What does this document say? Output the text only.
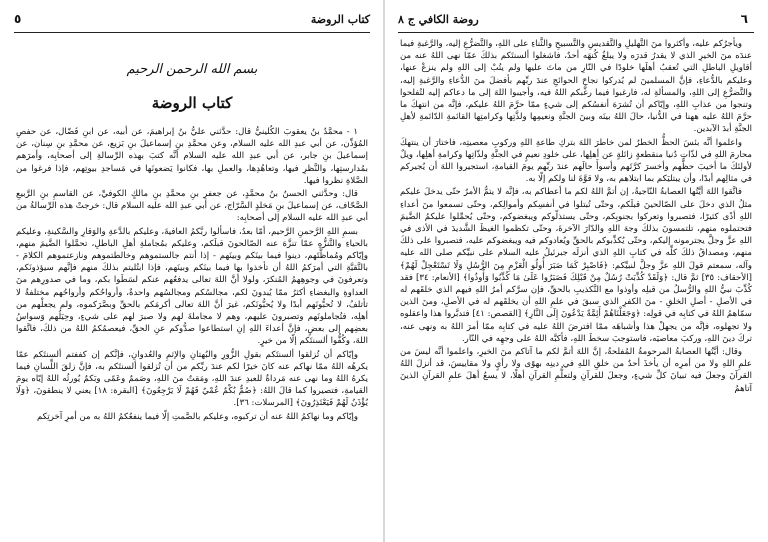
٥	كتاب الروضة
بسم الله الرحمن الرحيم
كتاب الروضة

١ - محمَّدُ بنُ يعقوبَ الكُلينيُّ قال: حدَّثني عليُّ بنُ إبراهيمَ، عن أبيه، عن ابنِ فَضّال، عن حفصِ المُؤذِّن، عن أبي عبدِ الله عليه السلام، وعن محمَّدِ بنِ إسماعيلَ بنِ بَزيع، عن محمَّدِ بنِ سِنان، عن إسماعيلَ بنِ جابر، عن أبي عبدِ الله عليه السلام أنَّه كتبَ بهذه الرِّسالةِ إلى أصحابِه، وأمرَهم بمُدارستِها، والنَّظرِ فيها، وتعاهُدِها، والعملِ بها، فكانوا يَضعونَها في مَساجدِ بيوتِهم، فإذا فرغوا من الصَّلاةِ نظروا فيها.

قال: وحدَّثني الحسنُ بنُ محمَّدٍ، عن جعفرِ بنِ محمَّدِ بنِ مالكٍ الكوفيِّ، عن القاسمِ بنِ الرَّبيعِ الصَّحّاف، عن إسماعيلَ بنِ مَخلدٍ السَّرّاج، عن أبي عبدِ الله عليه السلام قال: خرجتْ هذه الرِّسالةُ من أبي عبدِ الله عليه السلام إلى أصحابِه:

بسمِ اللهِ الرَّحمنِ الرَّحيم، أمّا بعدُ، فاسألوا ربَّكمُ العافيةَ، وعليكم بالدَّعةِ والوَقارِ والسَّكينةِ، وعليكم بالحياءِ والتَّنزُّهِ عمّا تنزَّهَ عنه الصّالحونَ قبلَكم، وعليكم بمُجاملةِ أهلِ الباطلِ، تحمَّلوا الضَّيمَ منهم، وإيّاكم ومُماظَّتَهم، دينوا فيما بينَكم وبينَهم - إذا أنتم جالستموهم وخالطتموهم ونازعتموهم الكلامَ - بالتَّقيَّةِ التي أمرَكمُ اللهُ أن تأخذوا بها فيما بينَكم وبينَهم، فإذا ابتُليتم بذلكَ منهم فإنَّهم سيؤذونَكم، وتعرفونَ في وجوهِهمُ المُنكرَ، ولولا أنَّ اللهَ تعالى يدفعُهم عنكم لسَطَوا بكم، وما في صدورِهم منَ العداوةِ والبغضاءِ أكثرُ ممّا يُبدونَ لكم، مجالسُكم ومجالسُهم واحدةٌ، وأرواحُكم وأرواحُهم مختلفةٌ لا تأتلفُ، لا تُحبُّونَهم أبدًا ولا يُحبُّونَكم، غيرَ أنَّ اللهَ تعالى أكرمَكم بالحقِّ وبصَّرَكموه، ولم يجعلْهم من أهلِه، فتُجاملونَهم وتصبرونَ عليهم، وهم لا مجاملةَ لهم ولا صبرَ لهم على شيءٍ، وحِيَلُهم وَسواسُ بعضِهم إلى بعضٍ، فإنَّ أعداءَ اللهِ إنِ استطاعوا صدُّوكم عنِ الحقِّ، فيعصمُكمُ اللهُ من ذلكَ، فاتَّقوا اللهَ، وكُفُّوا ألسنتَكم إلّا من خيرٍ.

وإيّاكم أن تُزلقوا ألسنتَكم بقولِ الزُّورِ والبُهتانِ والإثمِ والعُدوانِ، فإنَّكم إن كففتم ألسنتَكم عمّا يكرهُه اللهُ ممّا نهاكم عنه كانَ خيرًا لكم عندَ ربِّكم من أن تُزلقوا ألسنتَكم به، فإنَّ زلقَ اللِّسانِ فيما يكرهُ اللهُ وما نهى عنه مَرداةٌ للعبدِ عندَ اللهِ، ومَقتٌ منَ اللهِ، وصَممٌ وعَمًى وبَكمٌ يُورثُه اللهُ إيّاه يومَ القيامةِ، فتصيروا كما قالَ اللهُ: ﴿صُمٌّ بُكْمٌ عُمْيٌ فَهُمْ لَا يَرْجِعُونَ﴾ [البقرة: ١٨] يعني لا ينطقونَ، ﴿وَلَا يُؤْذَنُ لَهُمْ فَيَعْتَذِرُونَ﴾ [المرسلات: ٣٦].

وإيّاكم وما نهاكمُ اللهُ عنه أن تركبوه، وعليكم بالصَّمتِ إلّا فيما ينفعُكمُ اللهُ به من أمرِ آخرتِكم

روضة الكافي ج ٨	٦

ويأجرُكم عليه، وأكثروا منَ التَّهليلِ والتَّقديسِ والتَّسبيحِ والثَّناءِ على اللهِ، والتَّضرُّعِ إليه، والرَّغبةِ فيما عندَه منَ الخيرِ الذي لا يقدرُ قدرَه ولا يبلغُ كُنهَه أحدٌ، فاشغلوا ألسنتَكم بذلكَ عمّا نهى اللهُ عنه من أقاويلِ الباطلِ التي تُعقبُ أهلَها خلودًا في النّارِ من ماتَ عليها ولم يتُبْ إلى اللهِ ولم ينزعْ عنها، وعليكم بالدُّعاءِ، فإنَّ المسلمينَ لم يُدركوا نجاحَ الحوائجِ عندَ ربِّهم بأفضلَ منَ الدُّعاءِ والرَّغبةِ إليه، والتَّضرُّعِ إلى اللهِ، والمسألةِ له، فارغبوا فيما رغَّبكم اللهُ فيه، وأجيبوا اللهَ إلى ما دعاكم إليه لتُفلحوا وتنجوا من عذابِ اللهِ، وإيّاكم أن تُشرَهَ أنفسُكم إلى شيءٍ ممّا حرَّمَ اللهُ عليكم، فإنَّه من انتهكَ ما حرَّمَ اللهُ عليه ههنا في الدُّنيا، حالَ اللهُ بينَه وبينَ الجنَّةِ ونعيمِها ولذَّتِها وكرامتِها القائمةِ الدّائمةِ لأهلِ الجنَّةِ أبدَ الآبدين.

واعلموا أنَّه بئسَ الحظُّ الخطرُ لمن خاطرَ اللهَ بتركِ طاعةِ اللهِ وركوبِ معصيتِه، فاختارَ أن ينتهكَ محارمَ اللهِ في لذّاتِ دُنيا منقطعةٍ زائلةٍ عن أهلِها، على خلودِ نعيمٍ في الجنَّةِ ولذّاتِها وكرامةِ أهلِها، ويلٌ لأولئكَ ما أخيبَ حظَّهم وأخسرَ كرَّتَهم وأسوأَ حالَهم عندَ ربِّهم يومَ القيامةِ، استجيروا اللهَ أن يُجيركم في مثالِهم أبدًا، وأن يبتليَكم بما ابتلاهم به، ولا قوَّةَ لنا ولكم إلّا به.

فاتَّقوا اللهَ أيَّتُها العصابةُ النّاجيةُ، إن أتمَّ اللهُ لكم ما أعطاكم به، فإنَّه لا يتمُّ الأمرُ حتّى يدخلَ عليكم مثلُ الذي دخلَ على الصّالحينَ قبلَكم، وحتّى تُبتلوا في أنفسِكم وأموالِكم، وحتّى تسمعوا منَ أعداءِ اللهِ أذًى كثيرًا، فتصبروا وتعركوا بجنوبِكم، وحتّى يستذلّوكم ويبغضوكم، وحتّى يُحمِّلوا عليكمُ الضَّيمَ فتحتملوه منهم، تلتمسونَ بذلكَ وجهَ اللهِ والدّارَ الآخرةَ، وحتّى تكظموا الغيظَ الشَّديدَ في الأذى في اللهِ عزَّ وجلَّ يجترمونه إليكم، وحتّى يُكذِّبوكم بالحقِّ ويُعادوكم فيه ويبغضوكم عليه، فتصبروا على ذلكَ منهم، ومصداقُ ذلكَ كلِّه في كتابِ اللهِ الذي أنزلَه جبرئيلُ عليه السلام على نبيِّكم صلى الله عليه وآله، سمعتم قولَ اللهِ عزَّ وجلَّ لنبيِّكم: ﴿فَاصْبِرْ كَمَا صَبَرَ أُولُو الْعَزْمِ مِنَ الرُّسُلِ وَلَا تَسْتَعْجِلْ لَهُمْ﴾ [الأحقاف: ٣٥] ثمَّ قال: ﴿وَلَقَدْ كُذِّبَتْ رُسُلٌ مِنْ قَبْلِكَ فَصَبَرُوا عَلَىٰ مَا كُذِّبُوا وَأُوذُوا﴾ [الأنعام: ٣٤] فقد كُذِّبَ نبيُّ اللهِ والرُّسلُ من قبلِه وأوذوا مع التَّكذيبِ بالحقِّ، فإن سرَّكم أمرُ اللهِ فيهم الذي خلقَهم له في الأصلِ - أصلِ الخلقِ - منَ الكفرِ الذي سبقَ في علمِ اللهِ أن يخلقَهم له في الأصلِ، ومنَ الذين سمّاهمُ اللهُ في كتابِه في قولِه: ﴿وَجَعَلْنَاهُمْ أَئِمَّةً يَدْعُونَ إِلَى النَّارِ﴾ [القصص: ٤١] فتدبَّروا هذا واعقلوه ولا تجهلوه، فإنَّه من يجهلْ هذا وأشباهَه ممّا افترضَ اللهُ عليه في كتابِه ممّا أمرَ اللهُ به ونهى عنه، تركَ دينَ اللهِ، وركبَ معاصيَه، فاستوجبَ سخطَ اللهِ، فأكبَّه اللهُ على وجهِه في النّار.

وقال: أيَّتُها العصابةُ المرحومةُ المُفلحةُ، إنَّ اللهَ أتمَّ لكم ما آتاكم منَ الخيرِ، واعلموا أنَّه ليسَ من علمِ اللهِ ولا من أمرِه أن يأخذَ أحدٌ من خلقِ اللهِ في دينِه بهوًى ولا رأيٍ ولا مقاييسَ، قد أنزلَ اللهُ القرآنَ وجعلَ فيه تبيانَ كلِّ شيءٍ، وجعلَ للقرآنِ ولتعلُّمِ القرآنِ أهلًا، لا يسعُ أهلَ علمِ القرآنِ الذينَ آتاهمُ
